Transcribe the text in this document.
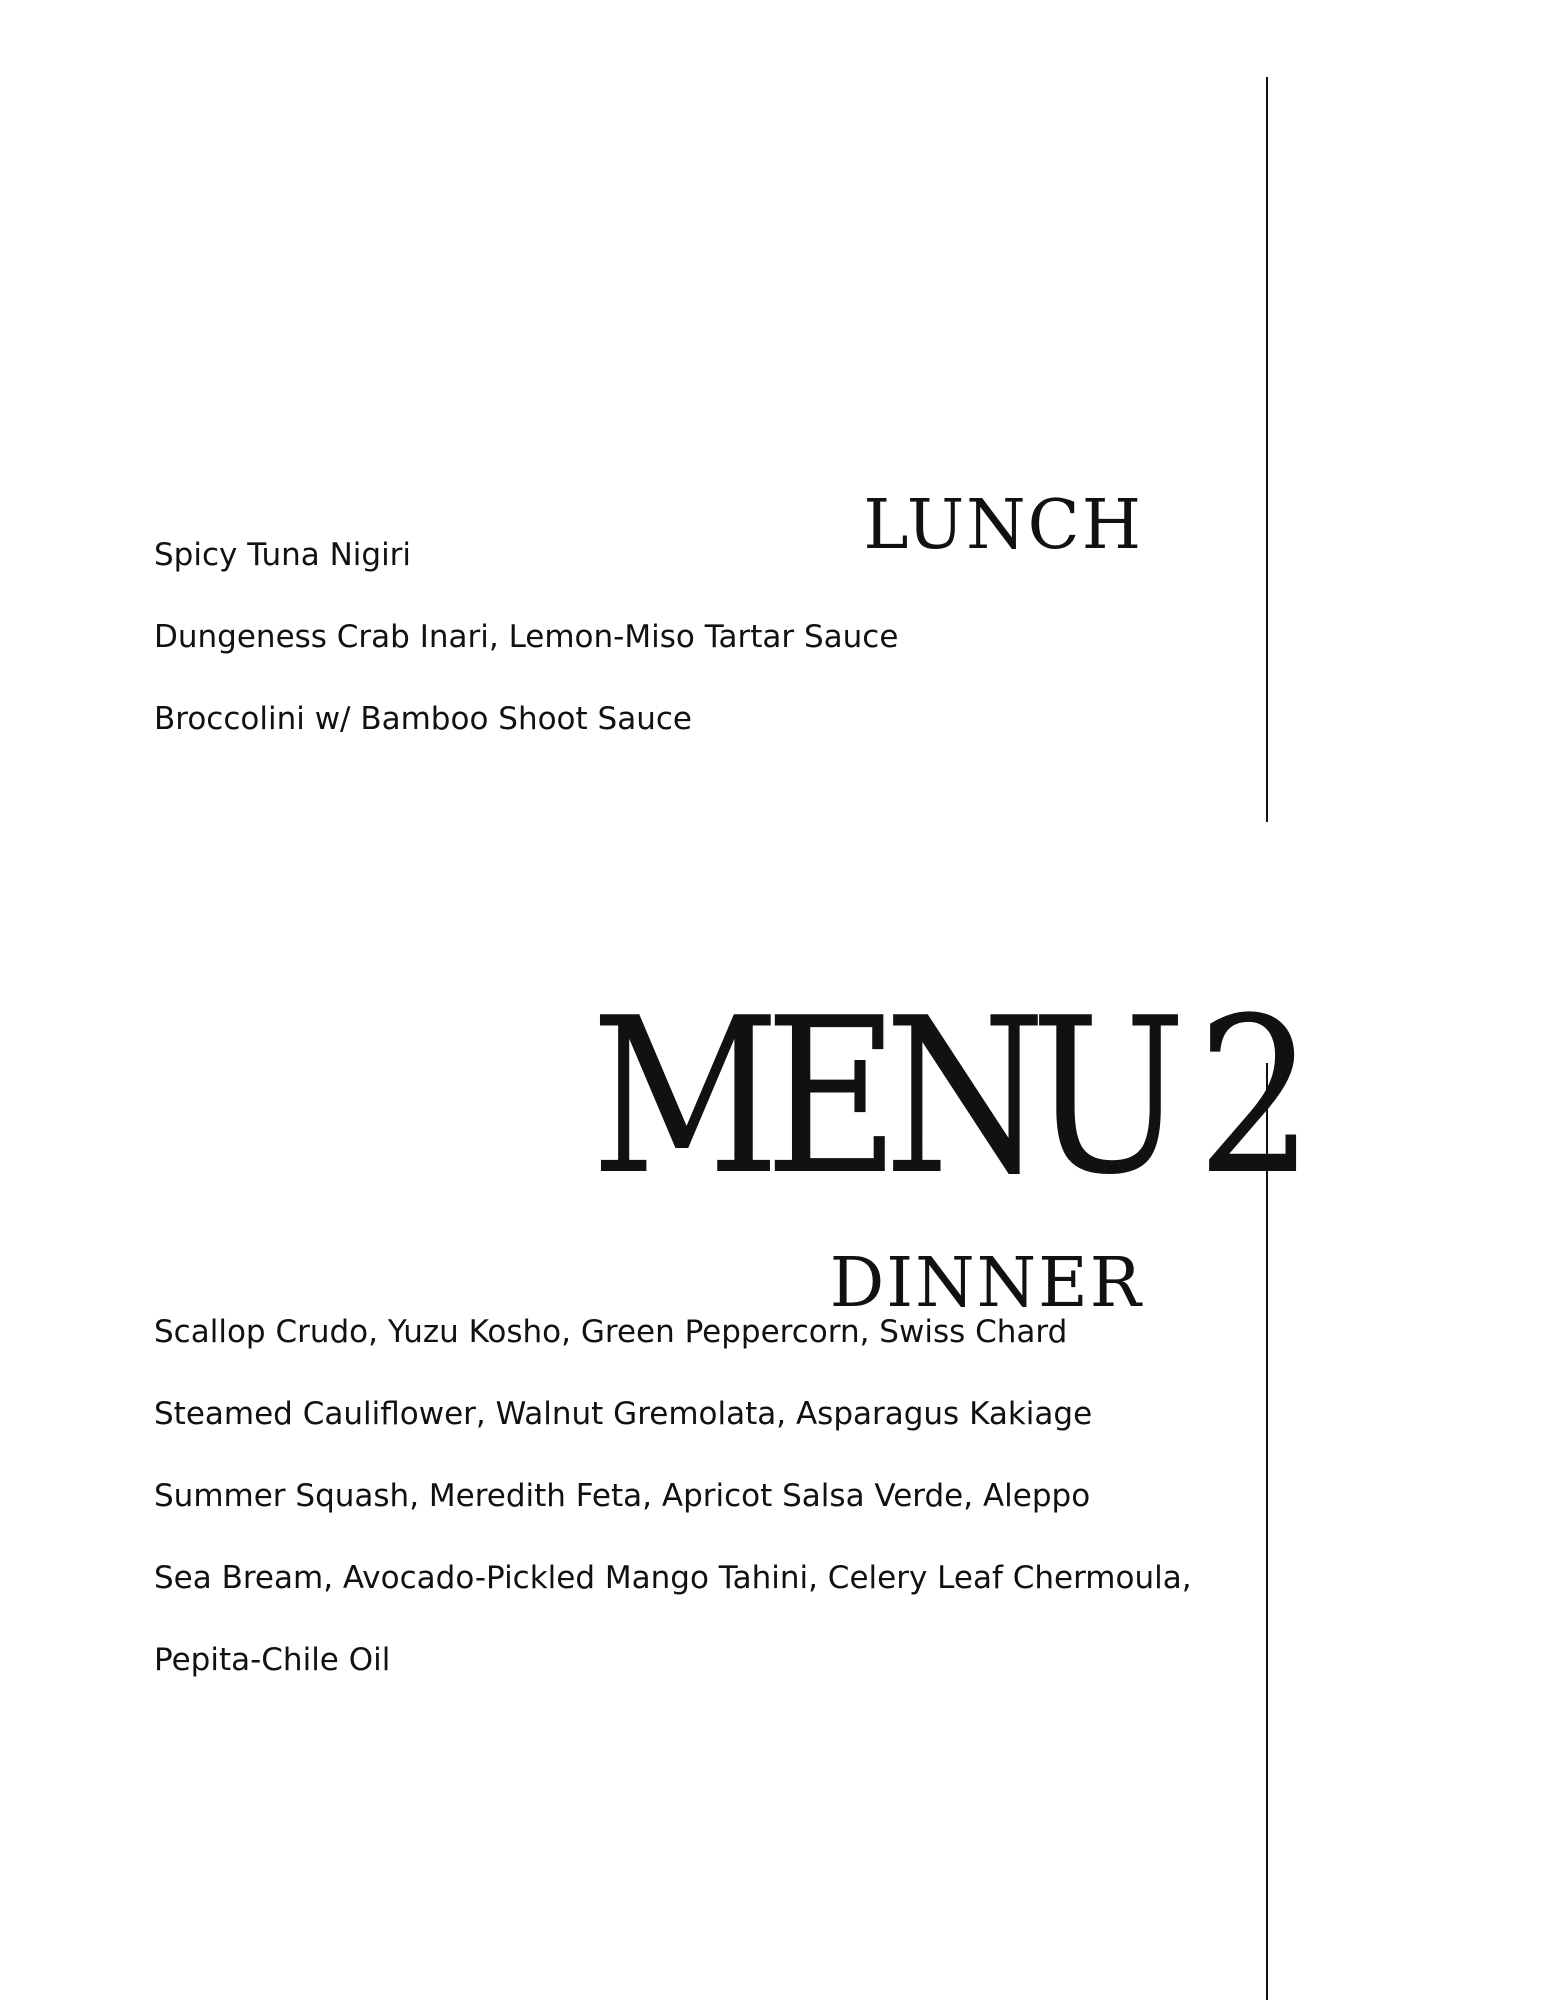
LUNCH
Spicy Tuna Nigiri
Dungeness Crab Inari, Lemon-Miso Tartar Sauce
Broccolini w/ Bamboo Shoot Sauce
MENU 2
DINNER
Scallop Crudo, Yuzu Kosho, Green Peppercorn, Swiss Chard
Steamed Cauliflower, Walnut Gremolata, Asparagus Kakiage
Summer Squash, Meredith Feta, Apricot Salsa Verde, Aleppo
Sea Bream, Avocado-Pickled Mango Tahini, Celery Leaf Chermoula,
Pepita-Chile Oil
